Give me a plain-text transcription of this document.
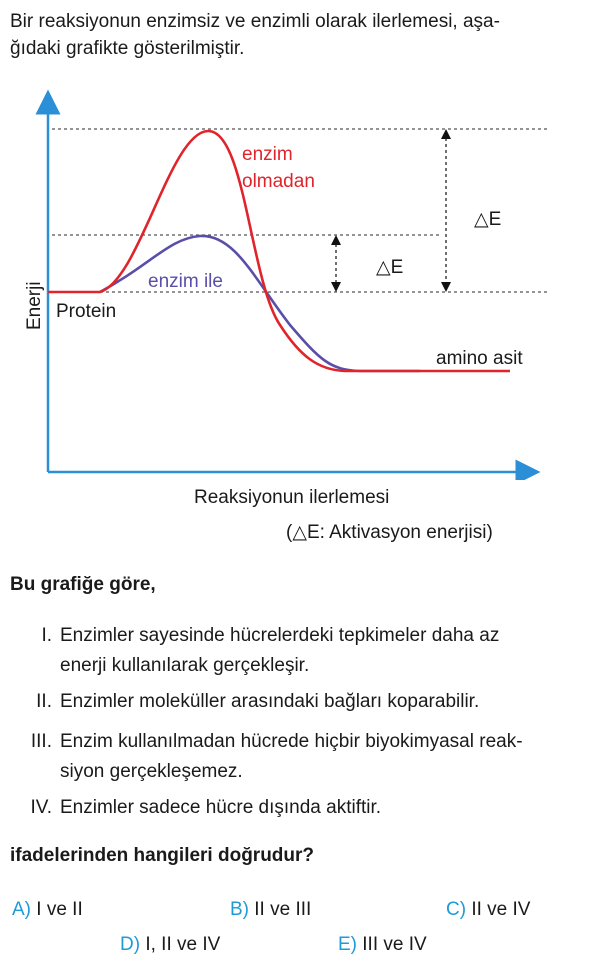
Bir reaksiyonun enzimsiz ve enzimli olarak ilerlemesi, aşa-
ğıdaki grafikte gösterilmiştir.
Enerji Protein
amino asit
enzim
olmadan
enzim ile
△E
△E
Reaksiyonun ilerlemesi
(△E: Aktivasyon enerjisi)
Bu grafiğe göre,
I. Enzimler sayesinde hücrelerdeki tepkimeler daha az
enerji kullanılarak gerçekleşir.
II. Enzimler moleküller arasındaki bağları koparabilir.
III. Enzim kullanılmadan hücrede hiçbir biyokimyasal reak-
siyon gerçekleşemez.
IV. Enzimler sadece hücre dışında aktiftir.
ifadelerinden hangileri doğrudur?
A) I ve II	B) II ve III	C) II ve IV
D) I, II ve IV	E) III ve IV
